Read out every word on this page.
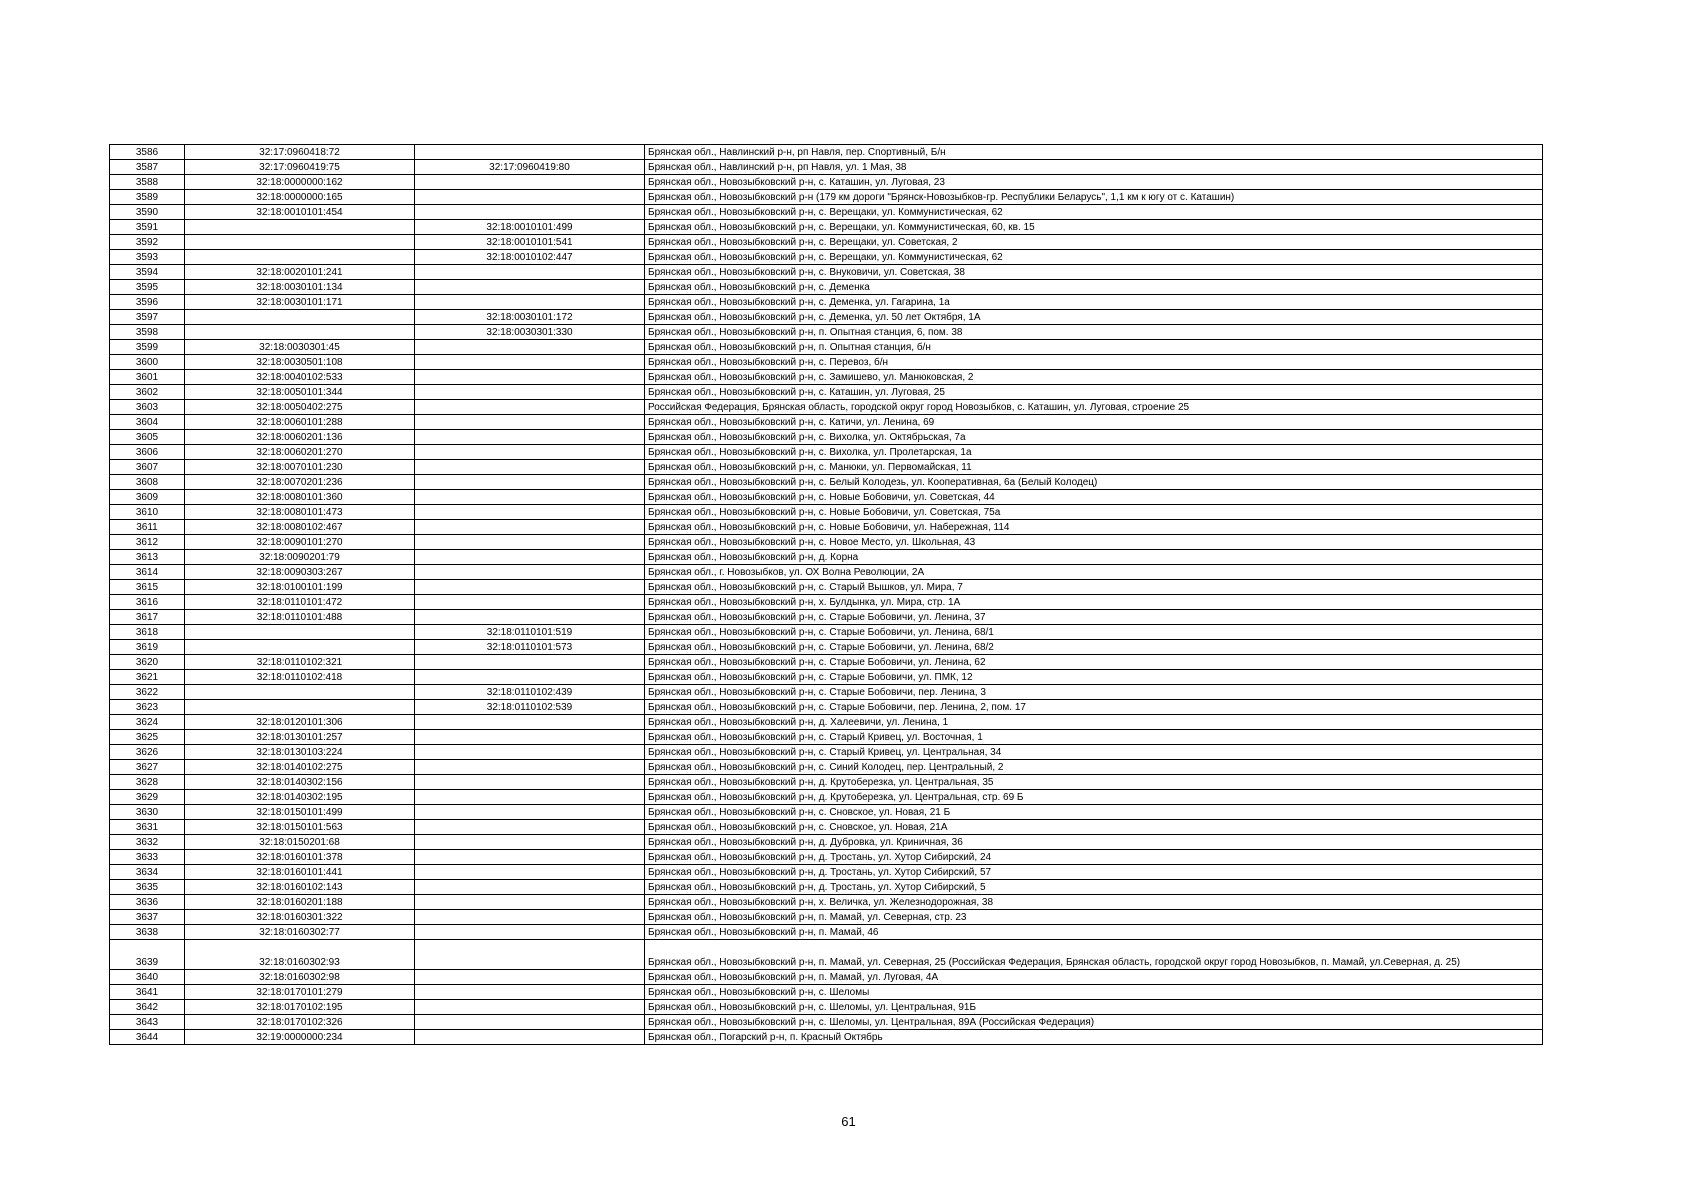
3586	32:17:0960418:72		Брянская обл., Навлинский р-н, рп Навля, пер. Спортивный, Б/н
3587	32:17:0960419:75	32:17:0960419:80	Брянская обл., Навлинский р-н, рп Навля, ул. 1 Мая, 38
3588	32:18:0000000:162		Брянская обл., Новозыбковский р-н, с. Каташин, ул. Луговая, 23
3589	32:18:0000000:165		Брянская обл., Новозыбковский р-н (179 км дороги "Брянск-Новозыбков-гр. Республики Беларусь", 1,1 км к югу от с. Каташин)
3590	32:18:0010101:454		Брянская обл., Новозыбковский р-н, с. Верещаки, ул. Коммунистическая, 62
3591		32:18:0010101:499	Брянская обл., Новозыбковский р-н, с. Верещаки, ул. Коммунистическая, 60, кв. 15
3592		32:18:0010101:541	Брянская обл., Новозыбковский р-н, с. Верещаки, ул. Советская, 2
3593		32:18:0010102:447	Брянская обл., Новозыбковский р-н, с. Верещаки, ул. Коммунистическая, 62
3594	32:18:0020101:241		Брянская обл., Новозыбковский р-н, с. Внуковичи, ул. Советская, 38
3595	32:18:0030101:134		Брянская обл., Новозыбковский р-н, с. Деменка
3596	32:18:0030101:171		Брянская обл., Новозыбковский р-н, с. Деменка, ул. Гагарина, 1а
3597		32:18:0030101:172	Брянская обл., Новозыбковский р-н, с. Деменка, ул. 50 лет Октября, 1А
3598		32:18:0030301:330	Брянская обл., Новозыбковский р-н, п. Опытная станция, 6, пом. 38
3599	32:18:0030301:45		Брянская обл., Новозыбковский р-н, п. Опытная станция, б/н
3600	32:18:0030501:108		Брянская обл., Новозыбковский р-н, с. Перевоз, б/н
3601	32:18:0040102:533		Брянская обл., Новозыбковский р-н, с. Замишево, ул. Манюковская, 2
3602	32:18:0050101:344		Брянская обл., Новозыбковский р-н, с. Каташин, ул. Луговая, 25
3603	32:18:0050402:275		Российская Федерация, Брянская область, городской округ город Новозыбков, с. Каташин, ул. Луговая, строение 25
3604	32:18:0060101:288		Брянская обл., Новозыбковский р-н, с. Катичи, ул. Ленина, 69
3605	32:18:0060201:136		Брянская обл., Новозыбковский р-н, с. Вихолка, ул. Октябрьская, 7а
3606	32:18:0060201:270		Брянская обл., Новозыбковский р-н, с. Вихолка, ул. Пролетарская, 1а
3607	32:18:0070101:230		Брянская обл., Новозыбковский р-н, с. Манюки, ул. Первомайская, 11
3608	32:18:0070201:236		Брянская обл., Новозыбковский р-н, с. Белый Колодезь, ул. Кооперативная, 6а (Белый Колодец)
3609	32:18:0080101:360		Брянская обл., Новозыбковский р-н, с. Новые Бобовичи, ул. Советская, 44
3610	32:18:0080101:473		Брянская обл., Новозыбковский р-н, с. Новые Бобовичи, ул. Советская, 75а
3611	32:18:0080102:467		Брянская обл., Новозыбковский р-н, с. Новые Бобовичи, ул. Набережная, 114
3612	32:18:0090101:270		Брянская обл., Новозыбковский р-н, с. Новое Место, ул. Школьная, 43
3613	32:18:0090201:79		Брянская обл., Новозыбковский р-н, д. Корна
3614	32:18:0090303:267		Брянская обл., г. Новозыбков, ул. ОХ Волна Революции, 2А
3615	32:18:0100101:199		Брянская обл., Новозыбковский р-н, с. Старый Вышков, ул. Мира, 7
3616	32:18:0110101:472		Брянская обл., Новозыбковский р-н, х. Булдынка, ул. Мира, стр. 1А
3617	32:18:0110101:488		Брянская обл., Новозыбковский р-н, с. Старые Бобовичи, ул. Ленина, 37
3618		32:18:0110101:519	Брянская обл., Новозыбковский р-н, с. Старые Бобовичи, ул. Ленина, 68/1
3619		32:18:0110101:573	Брянская обл., Новозыбковский р-н, с. Старые Бобовичи, ул. Ленина, 68/2
3620	32:18:0110102:321		Брянская обл., Новозыбковский р-н, с. Старые Бобовичи, ул. Ленина, 62
3621	32:18:0110102:418		Брянская обл., Новозыбковский р-н, с. Старые Бобовичи, ул. ПМК, 12
3622		32:18:0110102:439	Брянская обл., Новозыбковский р-н, с. Старые Бобовичи, пер. Ленина, 3
3623		32:18:0110102:539	Брянская обл., Новозыбковский р-н, с. Старые Бобовичи, пер. Ленина, 2, пом. 17
3624	32:18:0120101:306		Брянская обл., Новозыбковский р-н, д. Халеевичи, ул. Ленина, 1
3625	32:18:0130101:257		Брянская обл., Новозыбковский р-н, с. Старый Кривец, ул. Восточная, 1
3626	32:18:0130103:224		Брянская обл., Новозыбковский р-н, с. Старый Кривец, ул. Центральная, 34
3627	32:18:0140102:275		Брянская обл., Новозыбковский р-н, с. Синий Колодец, пер. Центральный, 2
3628	32:18:0140302:156		Брянская обл., Новозыбковский р-н, д. Крутоберезка, ул. Центральная, 35
3629	32:18:0140302:195		Брянская обл., Новозыбковский р-н, д. Крутоберезка, ул. Центральная, стр. 69 Б
3630	32:18:0150101:499		Брянская обл., Новозыбковский р-н, с. Сновское, ул. Новая, 21 Б
3631	32:18:0150101:563		Брянская обл., Новозыбковский р-н, с. Сновское, ул. Новая, 21А
3632	32:18:0150201:68		Брянская обл., Новозыбковский р-н, д. Дубровка, ул. Криничная, 36
3633	32:18:0160101:378		Брянская обл., Новозыбковский р-н, д. Тростань, ул. Хутор Сибирский, 24
3634	32:18:0160101:441		Брянская обл., Новозыбковский р-н, д. Тростань, ул. Хутор Сибирский, 57
3635	32:18:0160102:143		Брянская обл., Новозыбковский р-н, д. Тростань, ул. Хутор Сибирский, 5
3636	32:18:0160201:188		Брянская обл., Новозыбковский р-н, х. Величка, ул. Железнодорожная, 38
3637	32:18:0160301:322		Брянская обл., Новозыбковский р-н, п. Мамай, ул. Северная, стр. 23
3638	32:18:0160302:77		Брянская обл., Новозыбковский р-н, п. Мамай, 46
3639	32:18:0160302:93		Брянская обл., Новозыбковский р-н, п. Мамай, ул. Северная, 25 (Российская Федерация, Брянская область, городской округ город Новозыбков, п. Мамай, ул.Северная, д. 25)
3640	32:18:0160302:98		Брянская обл., Новозыбковский р-н, п. Мамай, ул. Луговая, 4А
3641	32:18:0170101:279		Брянская обл., Новозыбковский р-н, с. Шеломы
3642	32:18:0170102:195		Брянская обл., Новозыбковский р-н, с. Шеломы, ул. Центральная, 91Б
3643	32:18:0170102:326		Брянская обл., Новозыбковский р-н, с. Шеломы, ул. Центральная, 89А (Российская Федерация)
3644	32:19:0000000:234		Брянская обл., Погарский р-н, п. Красный Октябрь
61
